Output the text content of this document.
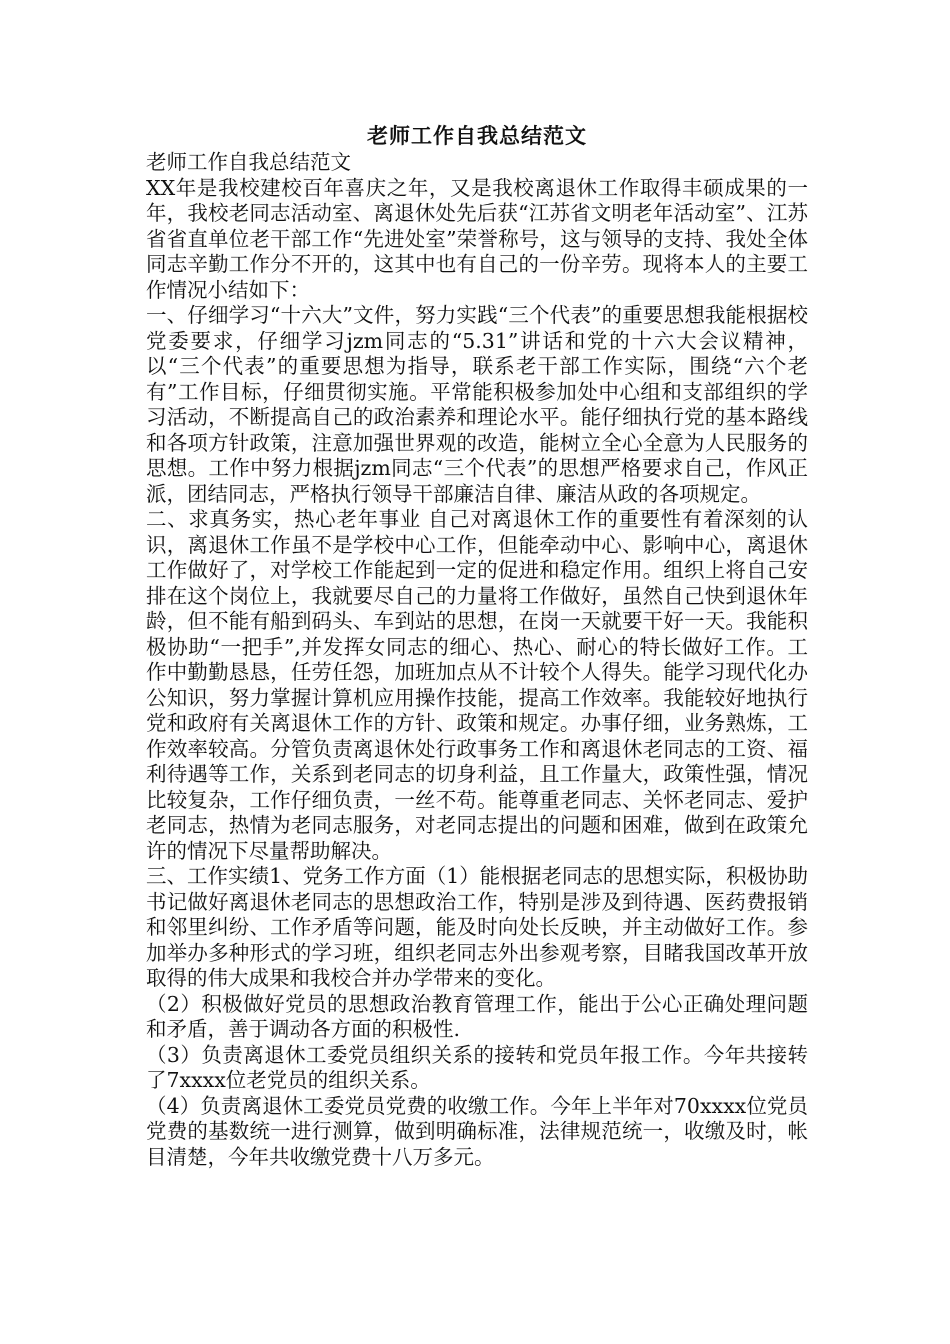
老师工作自我总结范文

老师工作自我总结范文

XX年是我校建校百年喜庆之年，又是我校离退休工作取得丰硕成果的一年，我校老同志活动室、离退休处先后获“江苏省文明老年活动室”、江苏省省直单位老干部工作“先进处室”荣誉称号，这与领导的支持、我处全体同志辛勤工作分不开的，这其中也有自己的一份辛劳。现将本人的主要工作情况小结如下：

一、仔细学习“十六大”文件，努力实践“三个代表”的重要思想我能根据校党委要求，仔细学习jzm同志的“5.31”讲话和党的十六大会议精神，以“三个代表”的重要思想为指导，联系老干部工作实际，围绕“六个老有”工作目标，仔细贯彻实施。平常能积极参加处中心组和支部组织的学习活动，不断提高自己的政治素养和理论水平。能仔细执行党的基本路线和各项方针政策，注意加强世界观的改造，能树立全心全意为人民服务的思想。工作中努力根据jzm同志“三个代表”的思想严格要求自己，作风正派，团结同志，严格执行领导干部廉洁自律、廉洁从政的各项规定。

二、求真务实，热心老年事业 自己对离退休工作的重要性有着深刻的认识，离退休工作虽不是学校中心工作，但能牵动中心、影响中心，离退休工作做好了，对学校工作能起到一定的促进和稳定作用。组织上将自己安排在这个岗位上，我就要尽自己的力量将工作做好，虽然自己快到退休年龄，但不能有船到码头、车到站的思想，在岗一天就要干好一天。我能积极协助“一把手”,并发挥女同志的细心、热心、耐心的特长做好工作。工作中勤勤恳恳，任劳任怨，加班加点从不计较个人得失。能学习现代化办公知识，努力掌握计算机应用操作技能，提高工作效率。我能较好地执行党和政府有关离退休工作的方针、政策和规定。办事仔细，业务熟炼，工作效率较高。分管负责离退休处行政事务工作和离退休老同志的工资、福利待遇等工作，关系到老同志的切身利益，且工作量大，政策性强，情况比较复杂，工作仔细负责，一丝不苟。能尊重老同志、关怀老同志、爱护老同志，热情为老同志服务，对老同志提出的问题和困难，做到在政策允许的情况下尽量帮助解决。

三、工作实绩1、党务工作方面（1）能根据老同志的思想实际，积极协助书记做好离退休老同志的思想政治工作，特别是涉及到待遇、医药费报销和邻里纠纷、工作矛盾等问题，能及时向处长反映，并主动做好工作。参加举办多种形式的学习班，组织老同志外出参观考察，目睹我国改革开放取得的伟大成果和我校合并办学带来的变化。

（2）积极做好党员的思想政治教育管理工作，能出于公心正确处理问题和矛盾，善于调动各方面的积极性.

（3）负责离退休工委党员组织关系的接转和党员年报工作。今年共接转了7xxxx位老党员的组织关系。

（4）负责离退休工委党员党费的收缴工作。今年上半年对70xxxx位党员党费的基数统一进行测算，做到明确标准，法律规范统一，收缴及时，帐目清楚，今年共收缴党费十八万多元。
